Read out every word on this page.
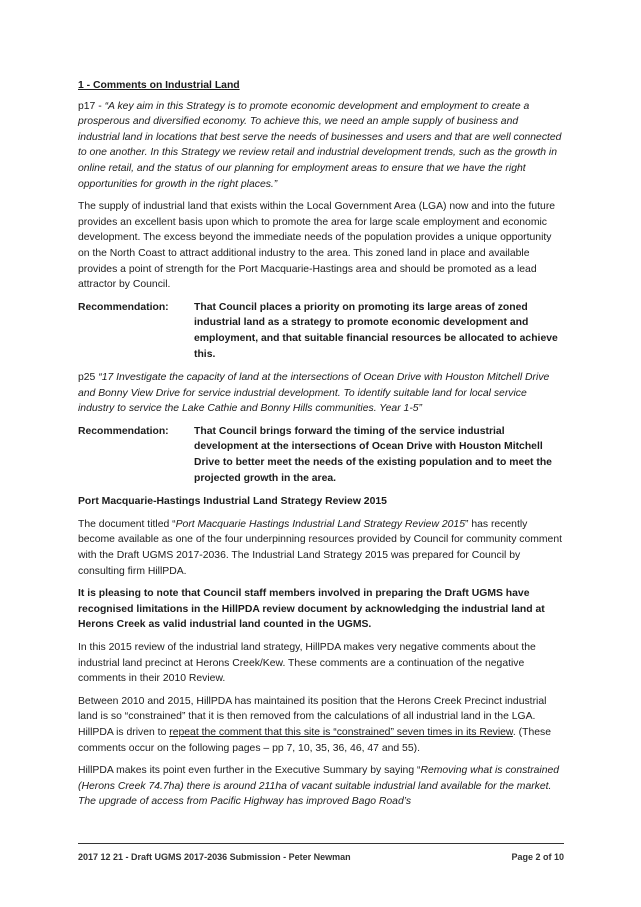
1 - Comments on Industrial Land

p17 - “A key aim in this Strategy is to promote economic development and employment to create a prosperous and diversified economy. To achieve this, we need an ample supply of business and industrial land in locations that best serve the needs of businesses and users and that are well connected to one another. In this Strategy we review retail and industrial development trends, such as the growth in online retail, and the status of our planning for employment areas to ensure that we have the right opportunities for growth in the right places.”

The supply of industrial land that exists within the Local Government Area (LGA) now and into the future provides an excellent basis upon which to promote the area for large scale employment and economic development. The excess beyond the immediate needs of the population provides a unique opportunity on the North Coast to attract additional industry to the area. This zoned land in place and available provides a point of strength for the Port Macquarie-Hastings area and should be promoted as a lead attractor by Council.

Recommendation:	That Council places a priority on promoting its large areas of zoned industrial land as a strategy to promote economic development and employment, and that suitable financial resources be allocated to achieve this.

p25 “17 Investigate the capacity of land at the intersections of Ocean Drive with Houston Mitchell Drive and Bonny View Drive for service industrial development. To identify suitable land for local service industry to service the Lake Cathie and Bonny Hills communities. Year 1-5”

Recommendation:	That Council brings forward the timing of the service industrial development at the intersections of Ocean Drive with Houston Mitchell Drive to better meet the needs of the existing population and to meet the projected growth in the area.
Port Macquarie-Hastings Industrial Land Strategy Review 2015

The document titled “Port Macquarie Hastings Industrial Land Strategy Review 2015” has recently become available as one of the four underpinning resources provided by Council for community comment with the Draft UGMS 2017-2036. The Industrial Land Strategy 2015 was prepared for Council by consulting firm HillPDA.

It is pleasing to note that Council staff members involved in preparing the Draft UGMS have recognised limitations in the HillPDA review document by acknowledging the industrial land at Herons Creek as valid industrial land counted in the UGMS.

In this 2015 review of the industrial land strategy, HillPDA makes very negative comments about the industrial land precinct at Herons Creek/Kew. These comments are a continuation of the negative comments in their 2010 Review.

Between 2010 and 2015, HillPDA has maintained its position that the Herons Creek Precinct industrial land is so “constrained” that it is then removed from the calculations of all industrial land in the LGA. HillPDA is driven to repeat the comment that this site is “constrained” seven times in its Review. (These comments occur on the following pages – pp 7, 10, 35, 36, 46, 47 and 55).

HillPDA makes its point even further in the Executive Summary by saying “Removing what is constrained (Herons Creek 74.7ha) there is around 211ha of vacant suitable industrial land available for the market. The upgrade of access from Pacific Highway has improved Bago Road’s

2017 12 21 - Draft UGMS 2017-2036 Submission - Peter Newman	Page 2 of 10
